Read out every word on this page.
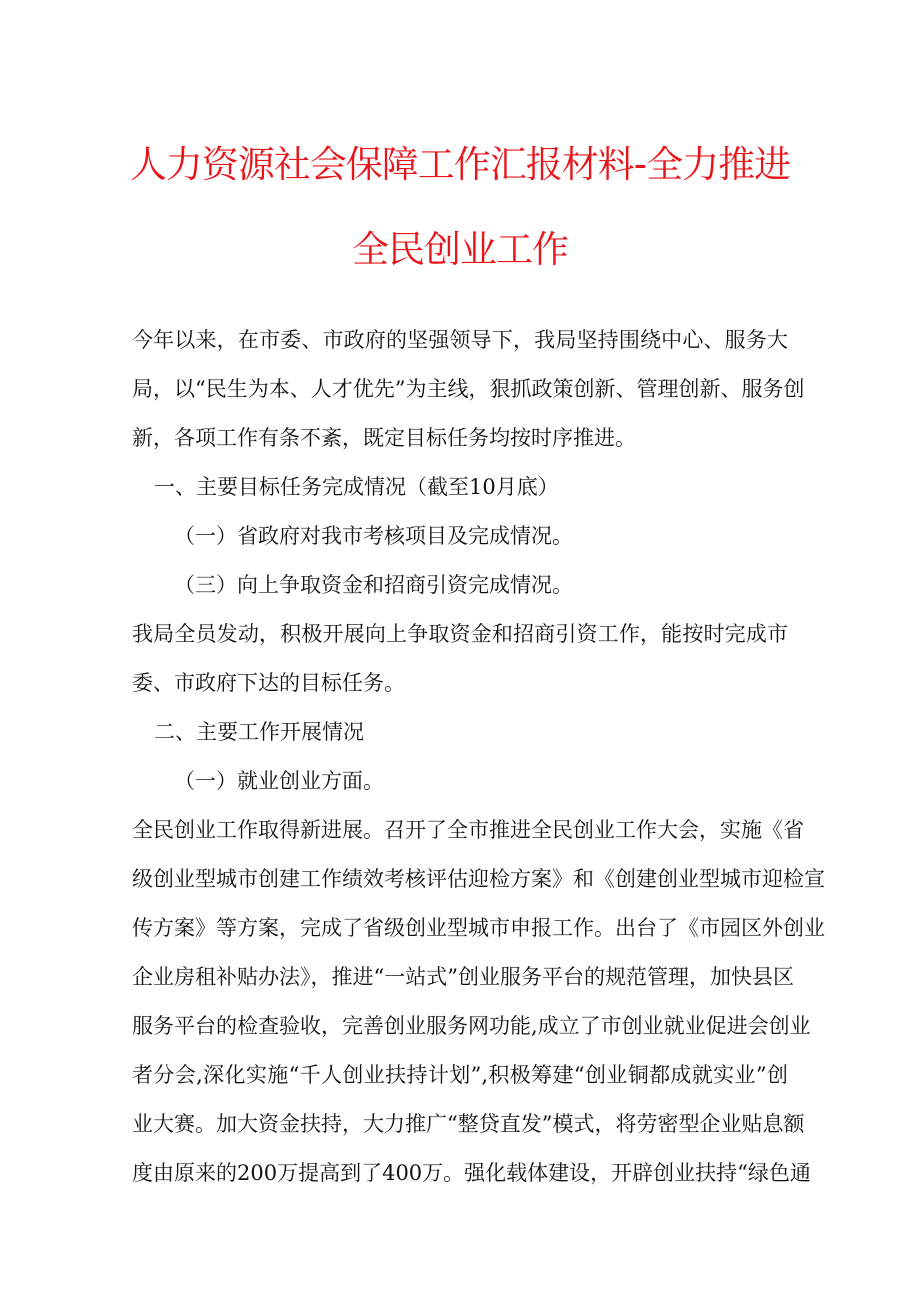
人力资源社会保障工作汇报材料-全力推进
全民创业工作
今年以来，在市委、市政府的坚强领导下，我局坚持围绕中心、服务大
局，以“民生为本、人才优先”为主线，狠抓政策创新、管理创新、服务创
新，各项工作有条不紊，既定目标任务均按时序推进。
一、主要目标任务完成情况（截至10月底）
（一）省政府对我市考核项目及完成情况。
（三）向上争取资金和招商引资完成情况。
我局全员发动，积极开展向上争取资金和招商引资工作，能按时完成市
委、市政府下达的目标任务。
二、主要工作开展情况
（一）就业创业方面。
全民创业工作取得新进展。召开了全市推进全民创业工作大会，实施《省
级创业型城市创建工作绩效考核评估迎检方案》和《创建创业型城市迎检宣
传方案》等方案，完成了省级创业型城市申报工作。出台了《市园区外创业
企业房租补贴办法》，推进“一站式”创业服务平台的规范管理，加快县区
服务平台的检查验收，完善创业服务网功能,成立了市创业就业促进会创业
者分会,深化实施“千人创业扶持计划”,积极筹建“创业铜都成就实业”创
业大赛。加大资金扶持，大力推广“整贷直发”模式，将劳密型企业贴息额
度由原来的200万提高到了400万。强化载体建设，开辟创业扶持“绿色通
